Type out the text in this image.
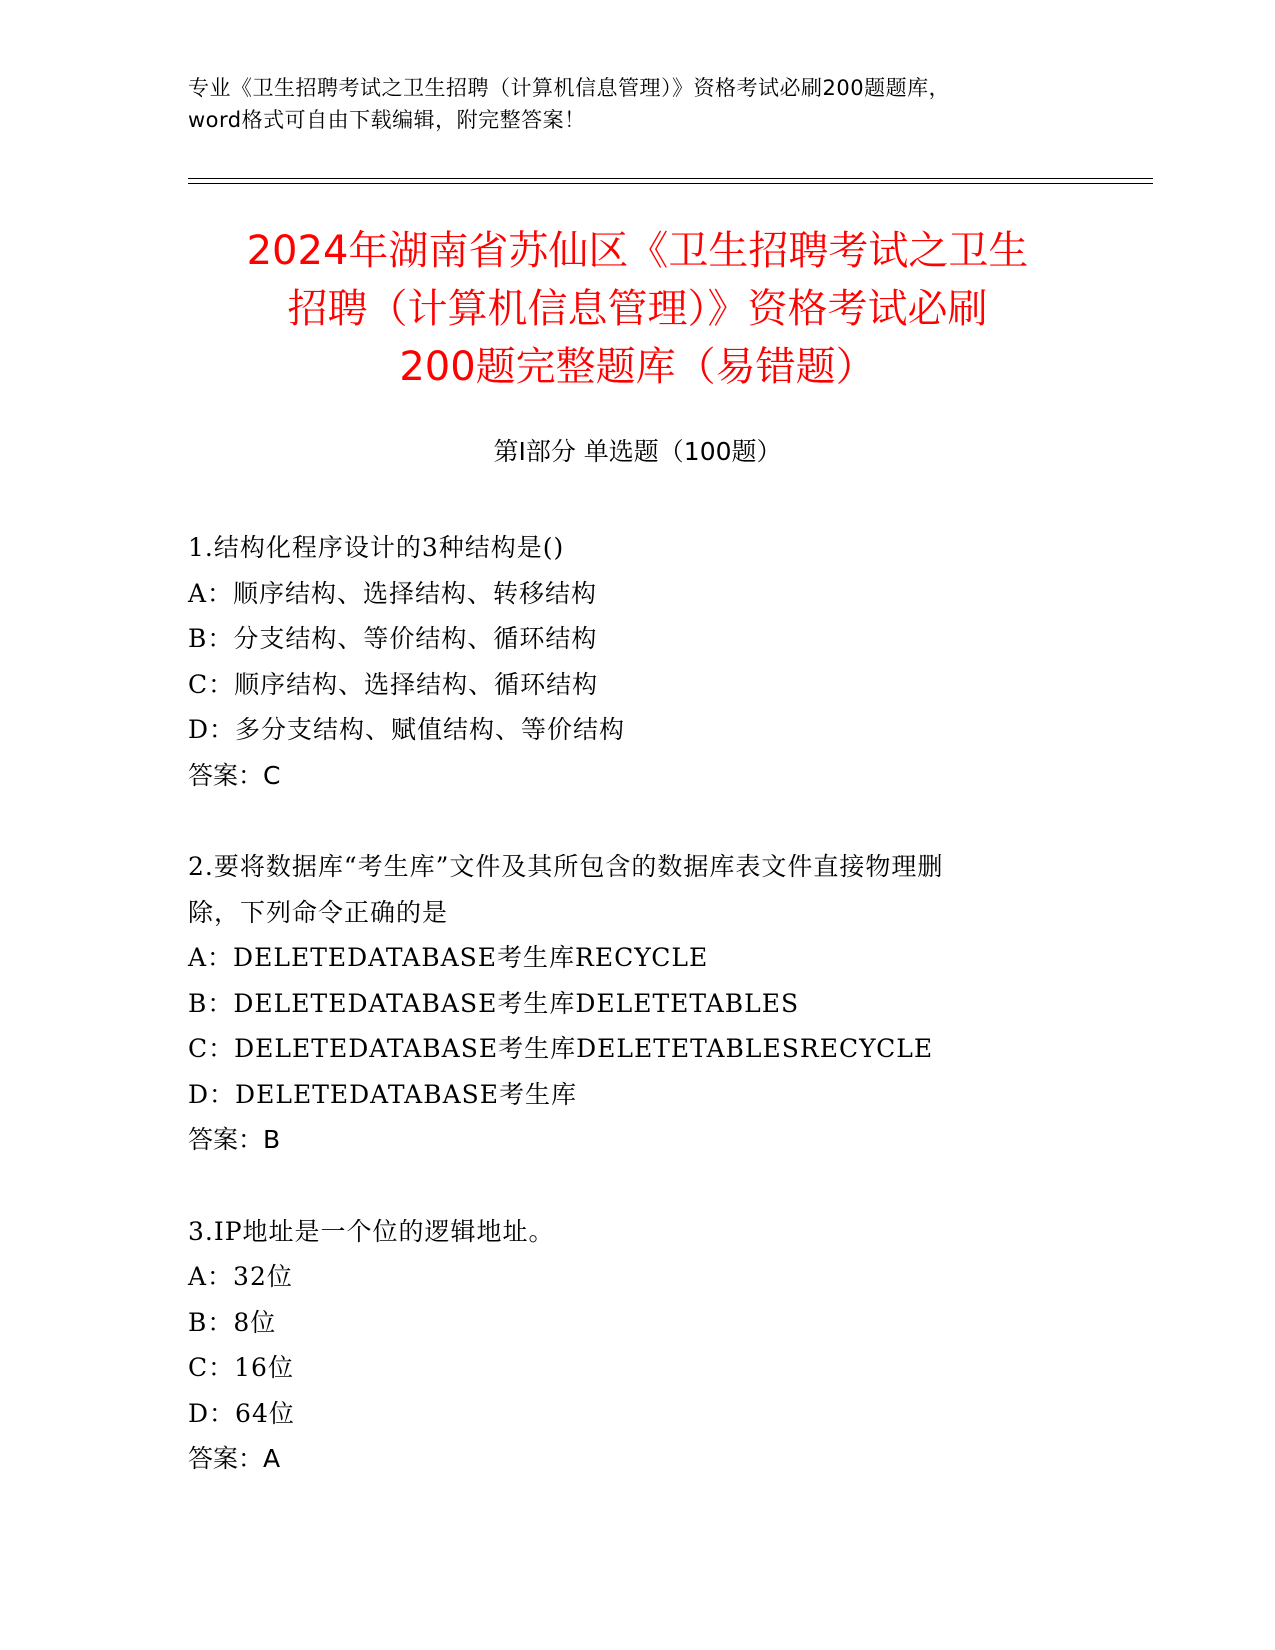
专业《卫生招聘考试之卫生招聘（计算机信息管理）》资格考试必刷200题题库，
word格式可自由下载编辑，附完整答案！
2024年湖南省苏仙区《卫生招聘考试之卫生
招聘（计算机信息管理）》资格考试必刷
200题完整题库（易错题）
第I部分 单选题（100题）
1.结构化程序设计的3种结构是()
A：顺序结构、选择结构、转移结构
B：分支结构、等价结构、循环结构
C：顺序结构、选择结构、循环结构
D：多分支结构、赋值结构、等价结构
答案：C
2.要将数据库“考生库”文件及其所包含的数据库表文件直接物理删
除，下列命令正确的是
A：DELETEDATABASE考生库RECYCLE
B：DELETEDATABASE考生库DELETETABLES
C：DELETEDATABASE考生库DELETETABLESRECYCLE
D：DELETEDATABASE考生库
答案：B
3.IP地址是一个位的逻辑地址。
A：32位
B：8位
C：16位
D：64位
答案：A
